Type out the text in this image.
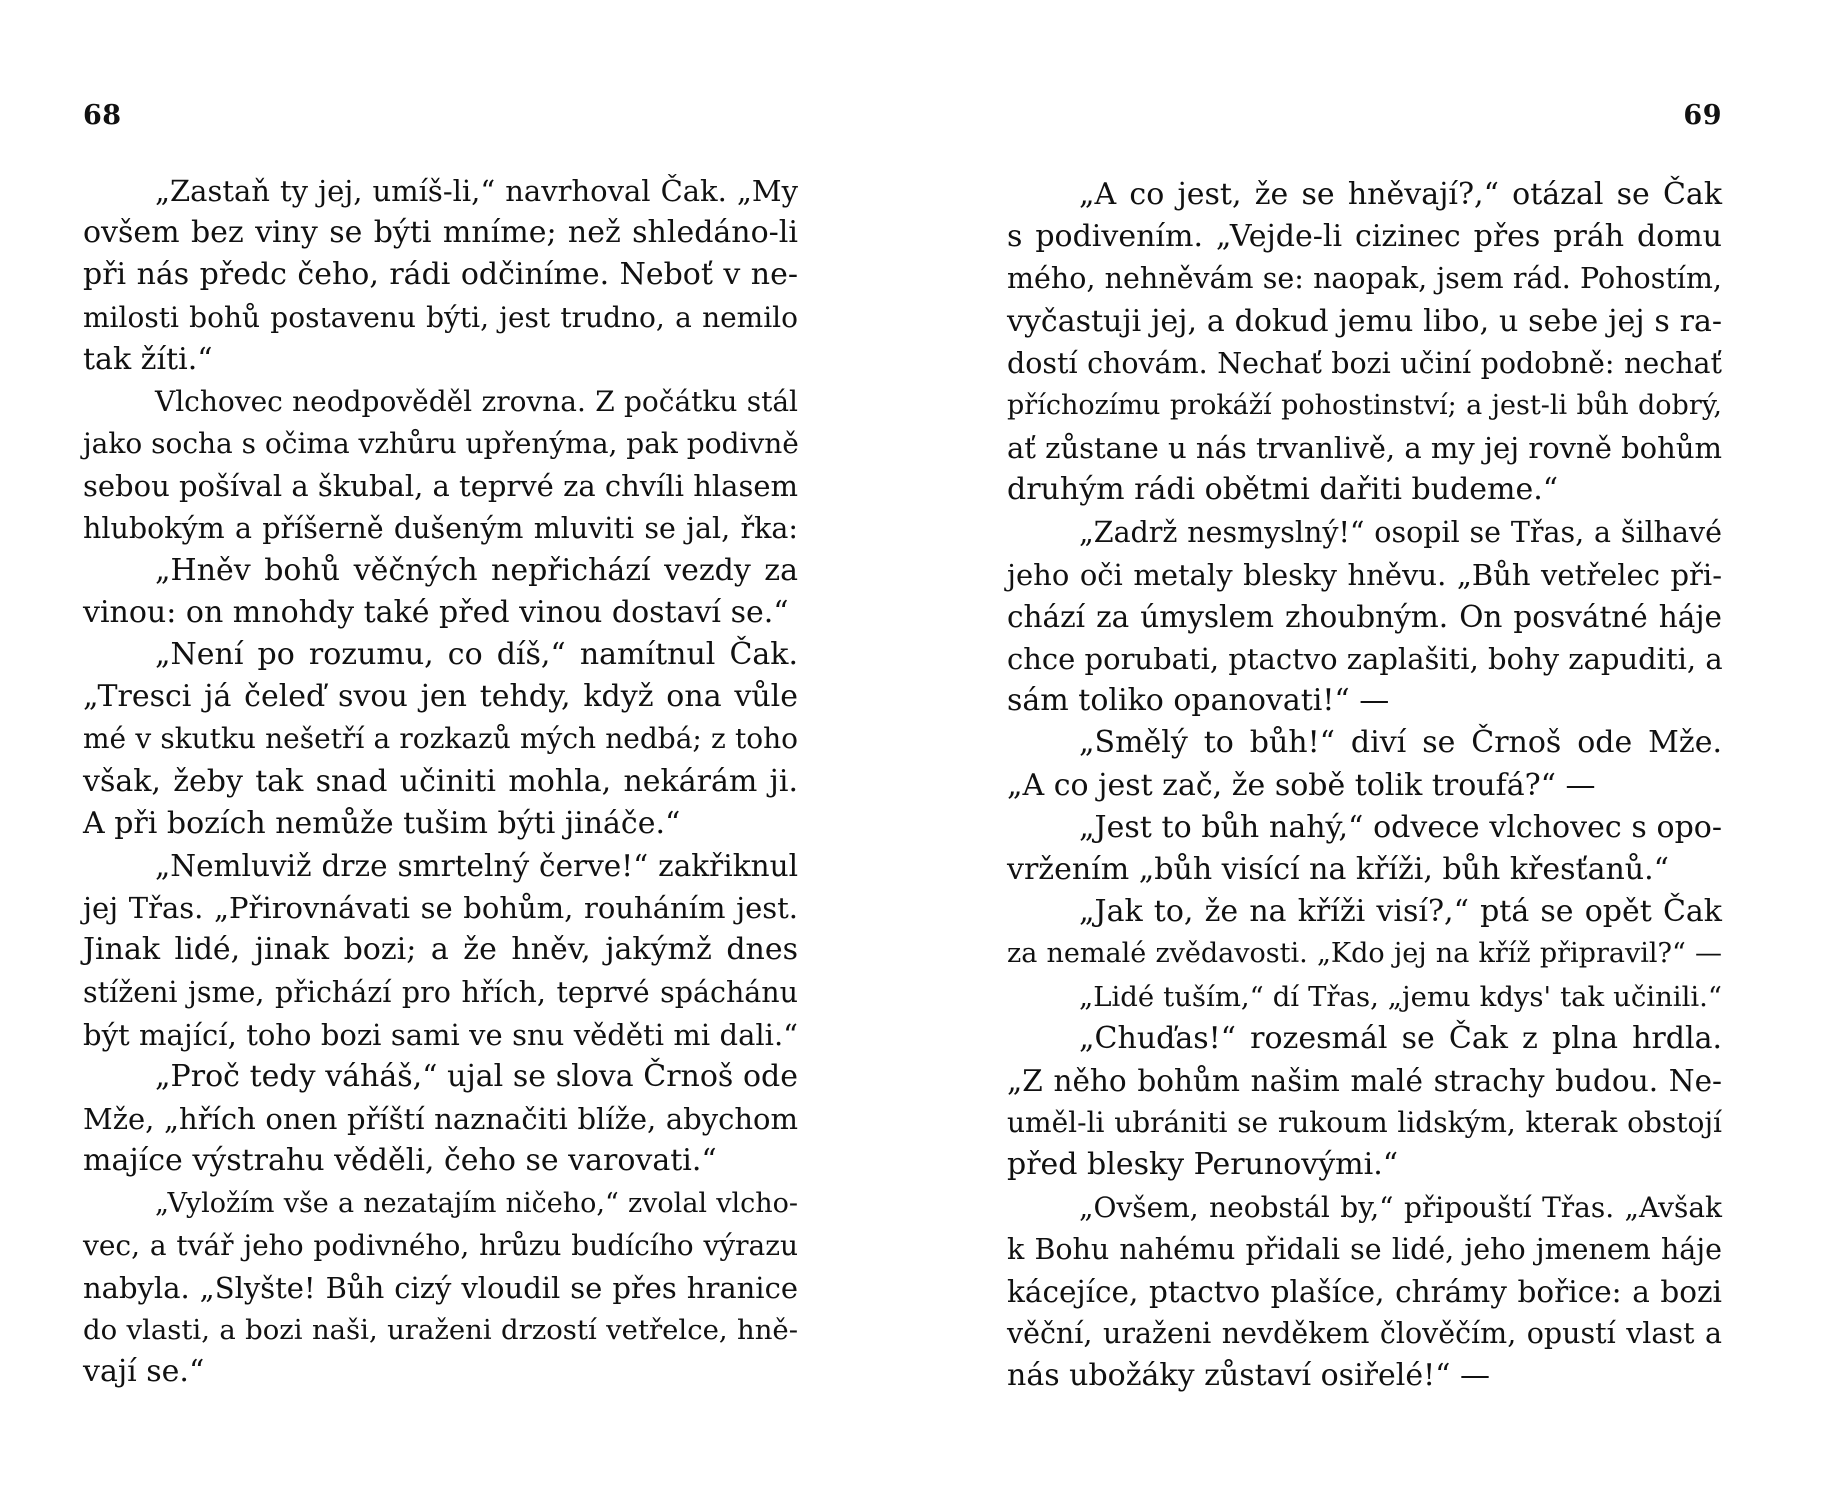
68
„Zastaň ty jej, umíš-li,“ navrhoval Čak. „My
ovšem bez viny se býti mníme; než shledáno-li
při nás předc čeho, rádi odčiníme. Neboť v ne-
milosti bohů postavenu býti, jest trudno, a nemilo
tak žíti.“
Vlchovec neodpověděl zrovna. Z počátku stál
jako socha s očima vzhůru upřenýma, pak podivně
sebou pošíval a škubal, a teprvé za chvíli hlasem
hlubokým a příšerně dušeným mluviti se jal, řka:
„Hněv bohů věčných nepřichází vezdy za
vinou: on mnohdy také před vinou dostaví se.“
„Není po rozumu, co díš,“ namítnul Čak.
„Tresci já čeleď svou jen tehdy, když ona vůle
mé v skutku nešetří a rozkazů mých nedbá; z toho
však, žeby tak snad učiniti mohla, nekárám ji.
A při bozích nemůže tušim býti jináče.“
„Nemluviž drze smrtelný červe!“ zakřiknul
jej Třas. „Přirovnávati se bohům, rouháním jest.
Jinak lidé, jinak bozi; a že hněv, jakýmž dnes
stíženi jsme, přichází pro hřích, teprvé spáchánu
být mající, toho bozi sami ve snu věděti mi dali.“
„Proč tedy váháš,“ ujal se slova Črnoš ode
Mže, „hřích onen příští naznačiti blíže, abychom
majíce výstrahu věděli, čeho se varovati.“
„Vyložím vše a nezatajím ničeho,“ zvolal vlcho-
vec, a tvář jeho podivného, hrůzu budícího výrazu
nabyla. „Slyšte! Bůh cizý vloudil se přes hranice
do vlasti, a bozi naši, uraženi drzostí vetřelce, hně-
vají se.“
69
„A co jest, že se hněvají?,“ otázal se Čak
s podivením. „Vejde-li cizinec přes práh domu
mého, nehněvám se: naopak, jsem rád. Pohostím,
vyčastuji jej, a dokud jemu libo, u sebe jej s ra-
dostí chovám. Nechať bozi učiní podobně: nechať
příchozímu prokáží pohostinství; a jest-li bůh dobrý,
ať zůstane u nás trvanlivě, a my jej rovně bohům
druhým rádi obětmi dařiti budeme.“
„Zadrž nesmyslný!“ osopil se Třas, a šilhavé
jeho oči metaly blesky hněvu. „Bůh vetřelec při-
chází za úmyslem zhoubným. On posvátné háje
chce porubati, ptactvo zaplašiti, bohy zapuditi, a
sám toliko opanovati!“ —
„Smělý to bůh!“ diví se Črnoš ode Mže.
„A co jest zač, že sobě tolik troufá?“ —
„Jest to bůh nahý,“ odvece vlchovec s opo-
vržením „bůh visící na kříži, bůh křesťanů.“
„Jak to, že na kříži visí?,“ ptá se opět Čak
za nemalé zvědavosti. „Kdo jej na kříž připravil?“ —
„Lidé tuším,“ dí Třas, „jemu kdys' tak učinili.“
„Chuďas!“ rozesmál se Čak z plna hrdla.
„Z něho bohům našim malé strachy budou. Ne-
uměl-li ubrániti se rukoum lidským, kterak obstojí
před blesky Perunovými.“
„Ovšem, neobstál by,“ připouští Třas. „Avšak
k Bohu nahému přidali se lidé, jeho jmenem háje
kácejíce, ptactvo plašíce, chrámy bořice: a bozi
věční, uraženi nevděkem člověčím, opustí vlast a
nás ubožáky zůstaví osiřelé!“ —
